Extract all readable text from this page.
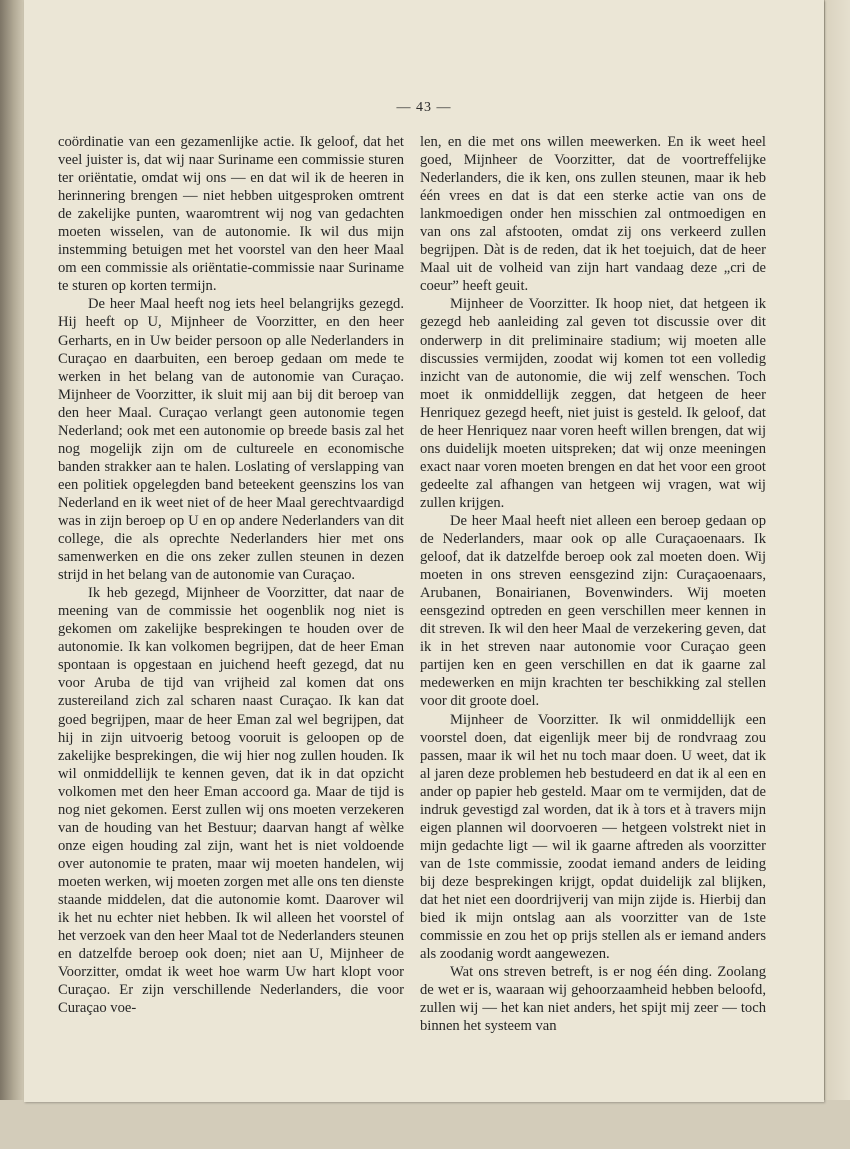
— 43 —

coördinatie van een gezamenlijke actie. Ik geloof, dat het veel juister is, dat wij naar Suriname een commissie sturen ter oriëntatie, omdat wij ons — en dat wil ik de heeren in herinnering brengen — niet hebben uitgesproken omtrent de zakelijke punten, waaromtrent wij nog van gedachten moeten wisselen, van de autonomie. Ik wil dus mijn instemming betuigen met het voorstel van den heer Maal om een commissie als oriëntatie-commissie naar Suriname te sturen op korten termijn.

De heer Maal heeft nog iets heel belangrijks gezegd. Hij heeft op U, Mijnheer de Voorzitter, en den heer Gerharts, en in Uw beider persoon op alle Nederlanders in Curaçao en daarbuiten, een beroep gedaan om mede te werken in het belang van de autonomie van Curaçao. Mijnheer de Voorzitter, ik sluit mij aan bij dit beroep van den heer Maal. Curaçao verlangt geen autonomie tegen Nederland; ook met een autonomie op breede basis zal het nog mogelijk zijn om de cultureele en economische banden strakker aan te halen. Loslating of verslapping van een politiek opgelegden band beteekent geenszins los van Nederland en ik weet niet of de heer Maal gerechtvaardigd was in zijn beroep op U en op andere Nederlanders van dit college, die als oprechte Nederlanders hier met ons samenwerken en die ons zeker zullen steunen in dezen strijd in het belang van de autonomie van Curaçao.

Ik heb gezegd, Mijnheer de Voorzitter, dat naar de meening van de commissie het oogenblik nog niet is gekomen om zakelijke besprekingen te houden over de autonomie. Ik kan volkomen begrijpen, dat de heer Eman spontaan is opgestaan en juichend heeft gezegd, dat nu voor Aruba de tijd van vrijheid zal komen dat ons zustereiland zich zal scharen naast Curaçao. Ik kan dat goed begrijpen, maar de heer Eman zal wel begrijpen, dat hij in zijn uitvoerig betoog vooruit is geloopen op de zakelijke besprekingen, die wij hier nog zullen houden. Ik wil onmiddellijk te kennen geven, dat ik in dat opzicht volkomen met den heer Eman accoord ga. Maar de tijd is nog niet gekomen. Eerst zullen wij ons moeten verzekeren van de houding van het Bestuur; daarvan hangt af wèlke onze eigen houding zal zijn, want het is niet voldoende over autonomie te praten, maar wij moeten handelen, wij moeten werken, wij moeten zorgen met alle ons ten dienste staande middelen, dat die autonomie komt. Daarover wil ik het nu echter niet hebben. Ik wil alleen het voorstel of het verzoek van den heer Maal tot de Nederlanders steunen en datzelfde beroep ook doen; niet aan U, Mijnheer de Voorzitter, omdat ik weet hoe warm Uw hart klopt voor Curaçao. Er zijn verschillende Nederlanders, die voor Curaçao voe-

len, en die met ons willen meewerken. En ik weet heel goed, Mijnheer de Voorzitter, dat de voortreffelijke Nederlanders, die ik ken, ons zullen steunen, maar ik heb één vrees en dat is dat een sterke actie van ons de lankmoedigen onder hen misschien zal ontmoedigen en van ons zal afstooten, omdat zij ons verkeerd zullen begrijpen. Dàt is de reden, dat ik het toejuich, dat de heer Maal uit de volheid van zijn hart vandaag deze „cri de coeur” heeft geuit.

Mijnheer de Voorzitter. Ik hoop niet, dat hetgeen ik gezegd heb aanleiding zal geven tot discussie over dit onderwerp in dit preliminaire stadium; wij moeten alle discussies vermijden, zoodat wij komen tot een volledig inzicht van de autonomie, die wij zelf wenschen. Toch moet ik onmiddellijk zeggen, dat hetgeen de heer Henriquez gezegd heeft, niet juist is gesteld. Ik geloof, dat de heer Henriquez naar voren heeft willen brengen, dat wij ons duidelijk moeten uitspreken; dat wij onze meeningen exact naar voren moeten brengen en dat het voor een groot gedeelte zal afhangen van hetgeen wij vragen, wat wij zullen krijgen.

De heer Maal heeft niet alleen een beroep gedaan op de Nederlanders, maar ook op alle Curaçaoenaars. Ik geloof, dat ik datzelfde beroep ook zal moeten doen. Wij moeten in ons streven eensgezind zijn: Curaçaoenaars, Arubanen, Bonairianen, Bovenwinders. Wij moeten eensgezind optreden en geen verschillen meer kennen in dit streven. Ik wil den heer Maal de verzekering geven, dat ik in het streven naar autonomie voor Curaçao geen partijen ken en geen verschillen en dat ik gaarne zal medewerken en mijn krachten ter beschikking zal stellen voor dit groote doel.

Mijnheer de Voorzitter. Ik wil onmiddellijk een voorstel doen, dat eigenlijk meer bij de rondvraag zou passen, maar ik wil het nu toch maar doen. U weet, dat ik al jaren deze problemen heb bestudeerd en dat ik al een en ander op papier heb gesteld. Maar om te vermijden, dat de indruk gevestigd zal worden, dat ik à tors et à travers mijn eigen plannen wil doorvoeren — hetgeen volstrekt niet in mijn gedachte ligt — wil ik gaarne aftreden als voorzitter van de 1ste commissie, zoodat iemand anders de leiding bij deze besprekingen krijgt, opdat duidelijk zal blijken, dat het niet een doordrijverij van mijn zijde is. Hierbij dan bied ik mijn ontslag aan als voorzitter van de 1ste commissie en zou het op prijs stellen als er iemand anders als zoodanig wordt aangewezen.

Wat ons streven betreft, is er nog één ding. Zoolang de wet er is, waaraan wij gehoorzaamheid hebben beloofd, zullen wij — het kan niet anders, het spijt mij zeer — toch binnen het systeem van
